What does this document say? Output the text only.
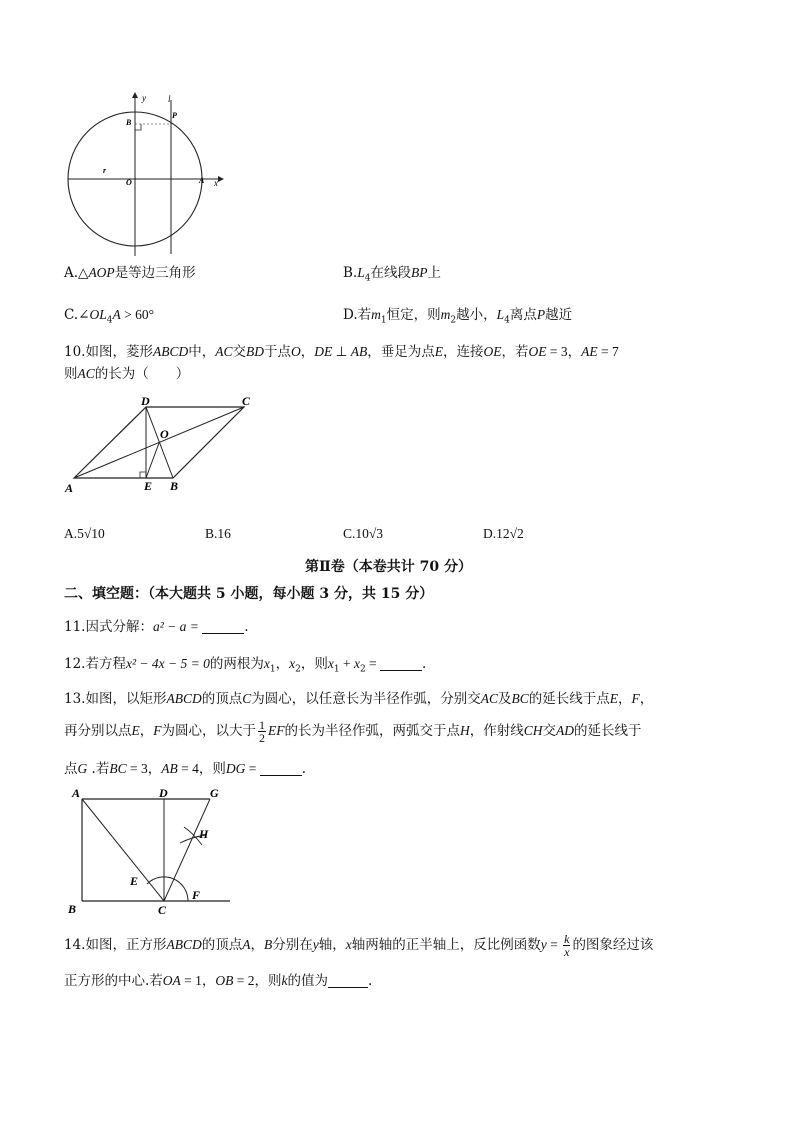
y l
B
P
r
O	A x
A.△AOP是等边三角形	$B.L_4$在线段BP上
$C.\angle OL_4A > 60^\circ$	D.若$m_1$恒定，则$m_2$越小，$L_4$离点P越近
10.如图，菱形ABCD中，AC交BD于点O，DE ⊥ AB，垂足为点E，连接OE，若OE = 3，AE = 7
则AC的长为（　　）
D	C
O
A	E B
A.5√10	B.16	C.10√3	D.12√2
第Ⅱ卷（本卷共计 70 分）
二、填空题：（本大题共 5 小题，每小题 3 分，共 15 分）
11.因式分解：a² − a =	.
12.若方程x² − 4x − 5 = 0的两根为$x_1$，$x_2$，则$x_1 + x_2$ =	.
13.如图，以矩形ABCD的顶点C为圆心，以任意长为半径作弧，分别交AC及BC的延长线于点E，F，
再分别以点E，F为圆心，以大于 $\frac{1}{2}$ EF的长为半径作弧，两弧交于点H，作射线CH交AD的延长线于
点G .若BC = 3，AB = 4，则DG =	.
A	D	G
H
E
F
B	C
14.如图，正方形ABCD的顶点A，B分别在y轴，x轴两轴的正半轴上，反比例函数$y = \frac{k}{x}$ 的图象经过该
正方形的中心.若OA = 1，OB = 2，则k的值为	.
